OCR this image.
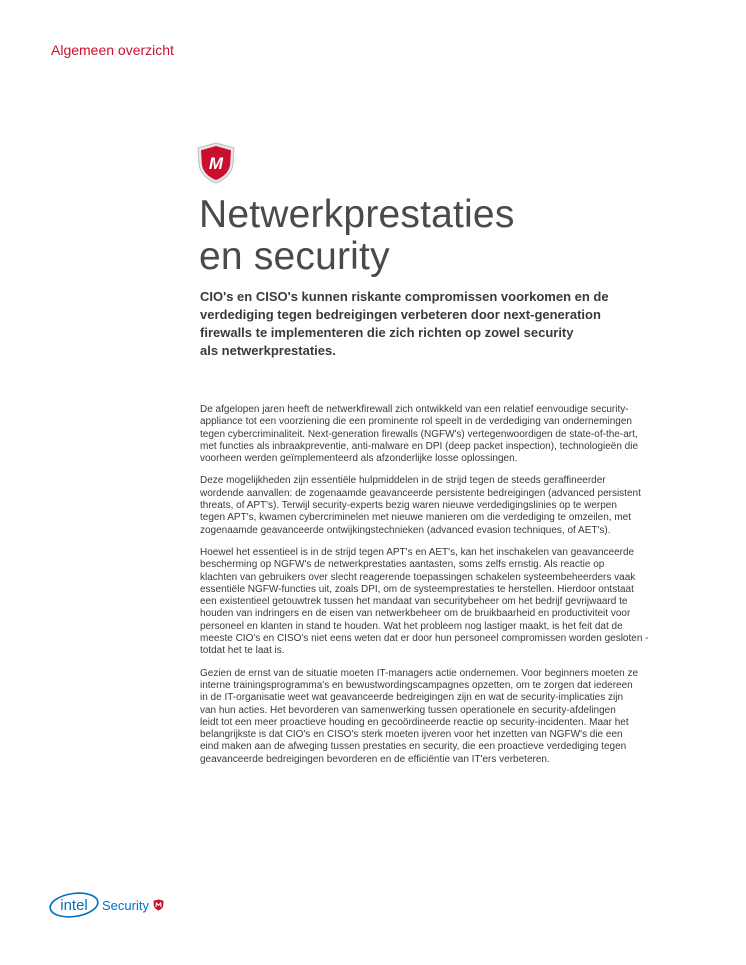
Algemeen overzicht
M
Netwerkprestaties
en security

CIO's en CISO's kunnen riskante compromissen voorkomen en de
verdediging tegen bedreigingen verbeteren door next-generation
firewalls te implementeren die zich richten op zowel security
als netwerkprestaties.

De afgelopen jaren heeft de netwerkfirewall zich ontwikkeld van een relatief eenvoudige security-
appliance tot een voorziening die een prominente rol speelt in de verdediging van ondernemingen
tegen cybercriminaliteit. Next-generation firewalls (NGFW's) vertegenwoordigen de state-of-the-art,
met functies als inbraakpreventie, anti-malware en DPI (deep packet inspection), technologieën die
voorheen werden geïmplementeerd als afzonderlijke losse oplossingen.

Deze mogelijkheden zijn essentiële hulpmiddelen in de strijd tegen de steeds geraffineerder
wordende aanvallen: de zogenaamde geavanceerde persistente bedreigingen (advanced persistent
threats, of APT's). Terwijl security-experts bezig waren nieuwe verdedigingslinies op te werpen
tegen APT's, kwamen cybercriminelen met nieuwe manieren om die verdediging te omzeilen, met
zogenaamde geavanceerde ontwijkingstechnieken (advanced evasion techniques, of AET's).

Hoewel het essentieel is in de strijd tegen APT's en AET's, kan het inschakelen van geavanceerde
bescherming op NGFW's de netwerkprestaties aantasten, soms zelfs ernstig. Als reactie op
klachten van gebruikers over slecht reagerende toepassingen schakelen systeembeheerders vaak
essentiële NGFW-functies uit, zoals DPI, om de systeemprestaties te herstellen. Hierdoor ontstaat
een existentieel getouwtrek tussen het mandaat van securitybeheer om het bedrijf gevrijwaard te
houden van indringers en de eisen van netwerkbeheer om de bruikbaarheid en productiviteit voor
personeel en klanten in stand te houden. Wat het probleem nog lastiger maakt, is het feit dat de
meeste CIO's en CISO's niet eens weten dat er door hun personeel compromissen worden gesloten -
totdat het te laat is.

Gezien de ernst van de situatie moeten IT-managers actie ondernemen. Voor beginners moeten ze
interne trainingsprogramma's en bewustwordingscampagnes opzetten, om te zorgen dat iedereen
in de IT-organisatie weet wat geavanceerde bedreigingen zijn en wat de security-implicaties zijn
van hun acties. Het bevorderen van samenwerking tussen operationele en security-afdelingen
leidt tot een meer proactieve houding en gecoördineerde reactie op security-incidenten. Maar het
belangrijkste is dat CIO's en CISO's sterk moeten ijveren voor het inzetten van NGFW's die een
eind maken aan de afweging tussen prestaties en security, die een proactieve verdediging tegen
geavanceerde bedreigingen bevorderen en de efficiëntie van IT'ers verbeteren.

intel Security
